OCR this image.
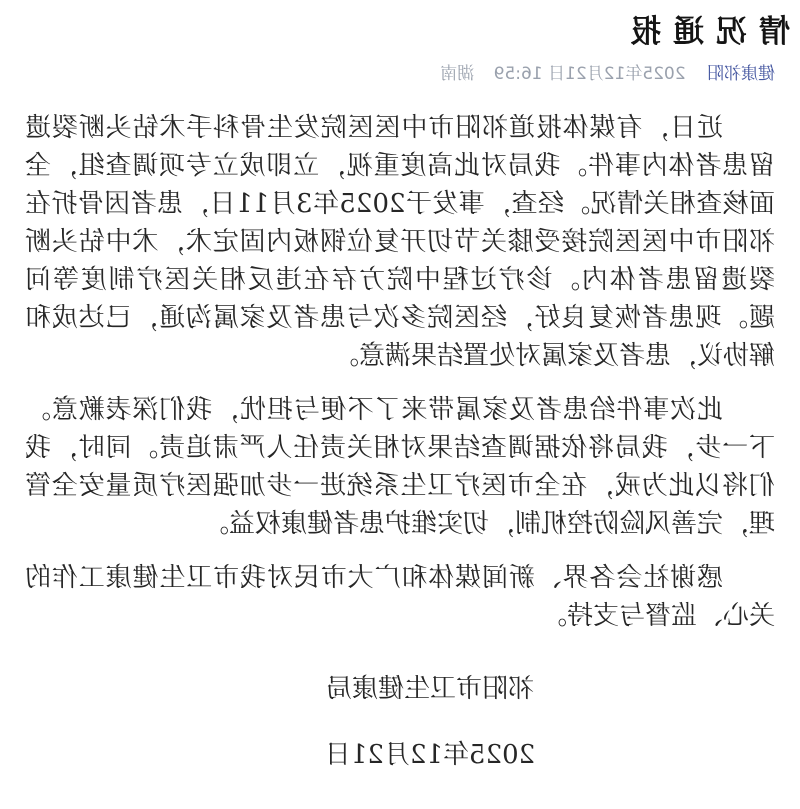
情况通报
健康祁阳 2025年12月21日 16:59 湖南

近日，有媒体报道祁阳市中医医院发生骨科手术钻头断裂遗留患者体内事件。我局对此高度重视，立即成立专项调查组，全面核查相关情况。经查，事发于2025年3月11日，患者因骨折在祁阳市中医医院接受膝关节切开复位钢板内固定术，术中钻头断裂遗留患者体内。诊疗过程中院方存在违反相关医疗制度等问题。现患者恢复良好，经医院多次与患者及家属沟通，已达成和解协议，患者及家属对处置结果满意。

此次事件给患者及家属带来了不便与担忧，我们深表歉意。下一步，我局将依据调查结果对相关责任人严肃追责。同时，我们将以此为戒，在全市医疗卫生系统进一步加强医疗质量安全管理，完善风险防控机制，切实维护患者健康权益。

感谢社会各界、新闻媒体和广大市民对我市卫生健康工作的关心、监督与支持。

祁阳市卫生健康局

2025年12月21日
